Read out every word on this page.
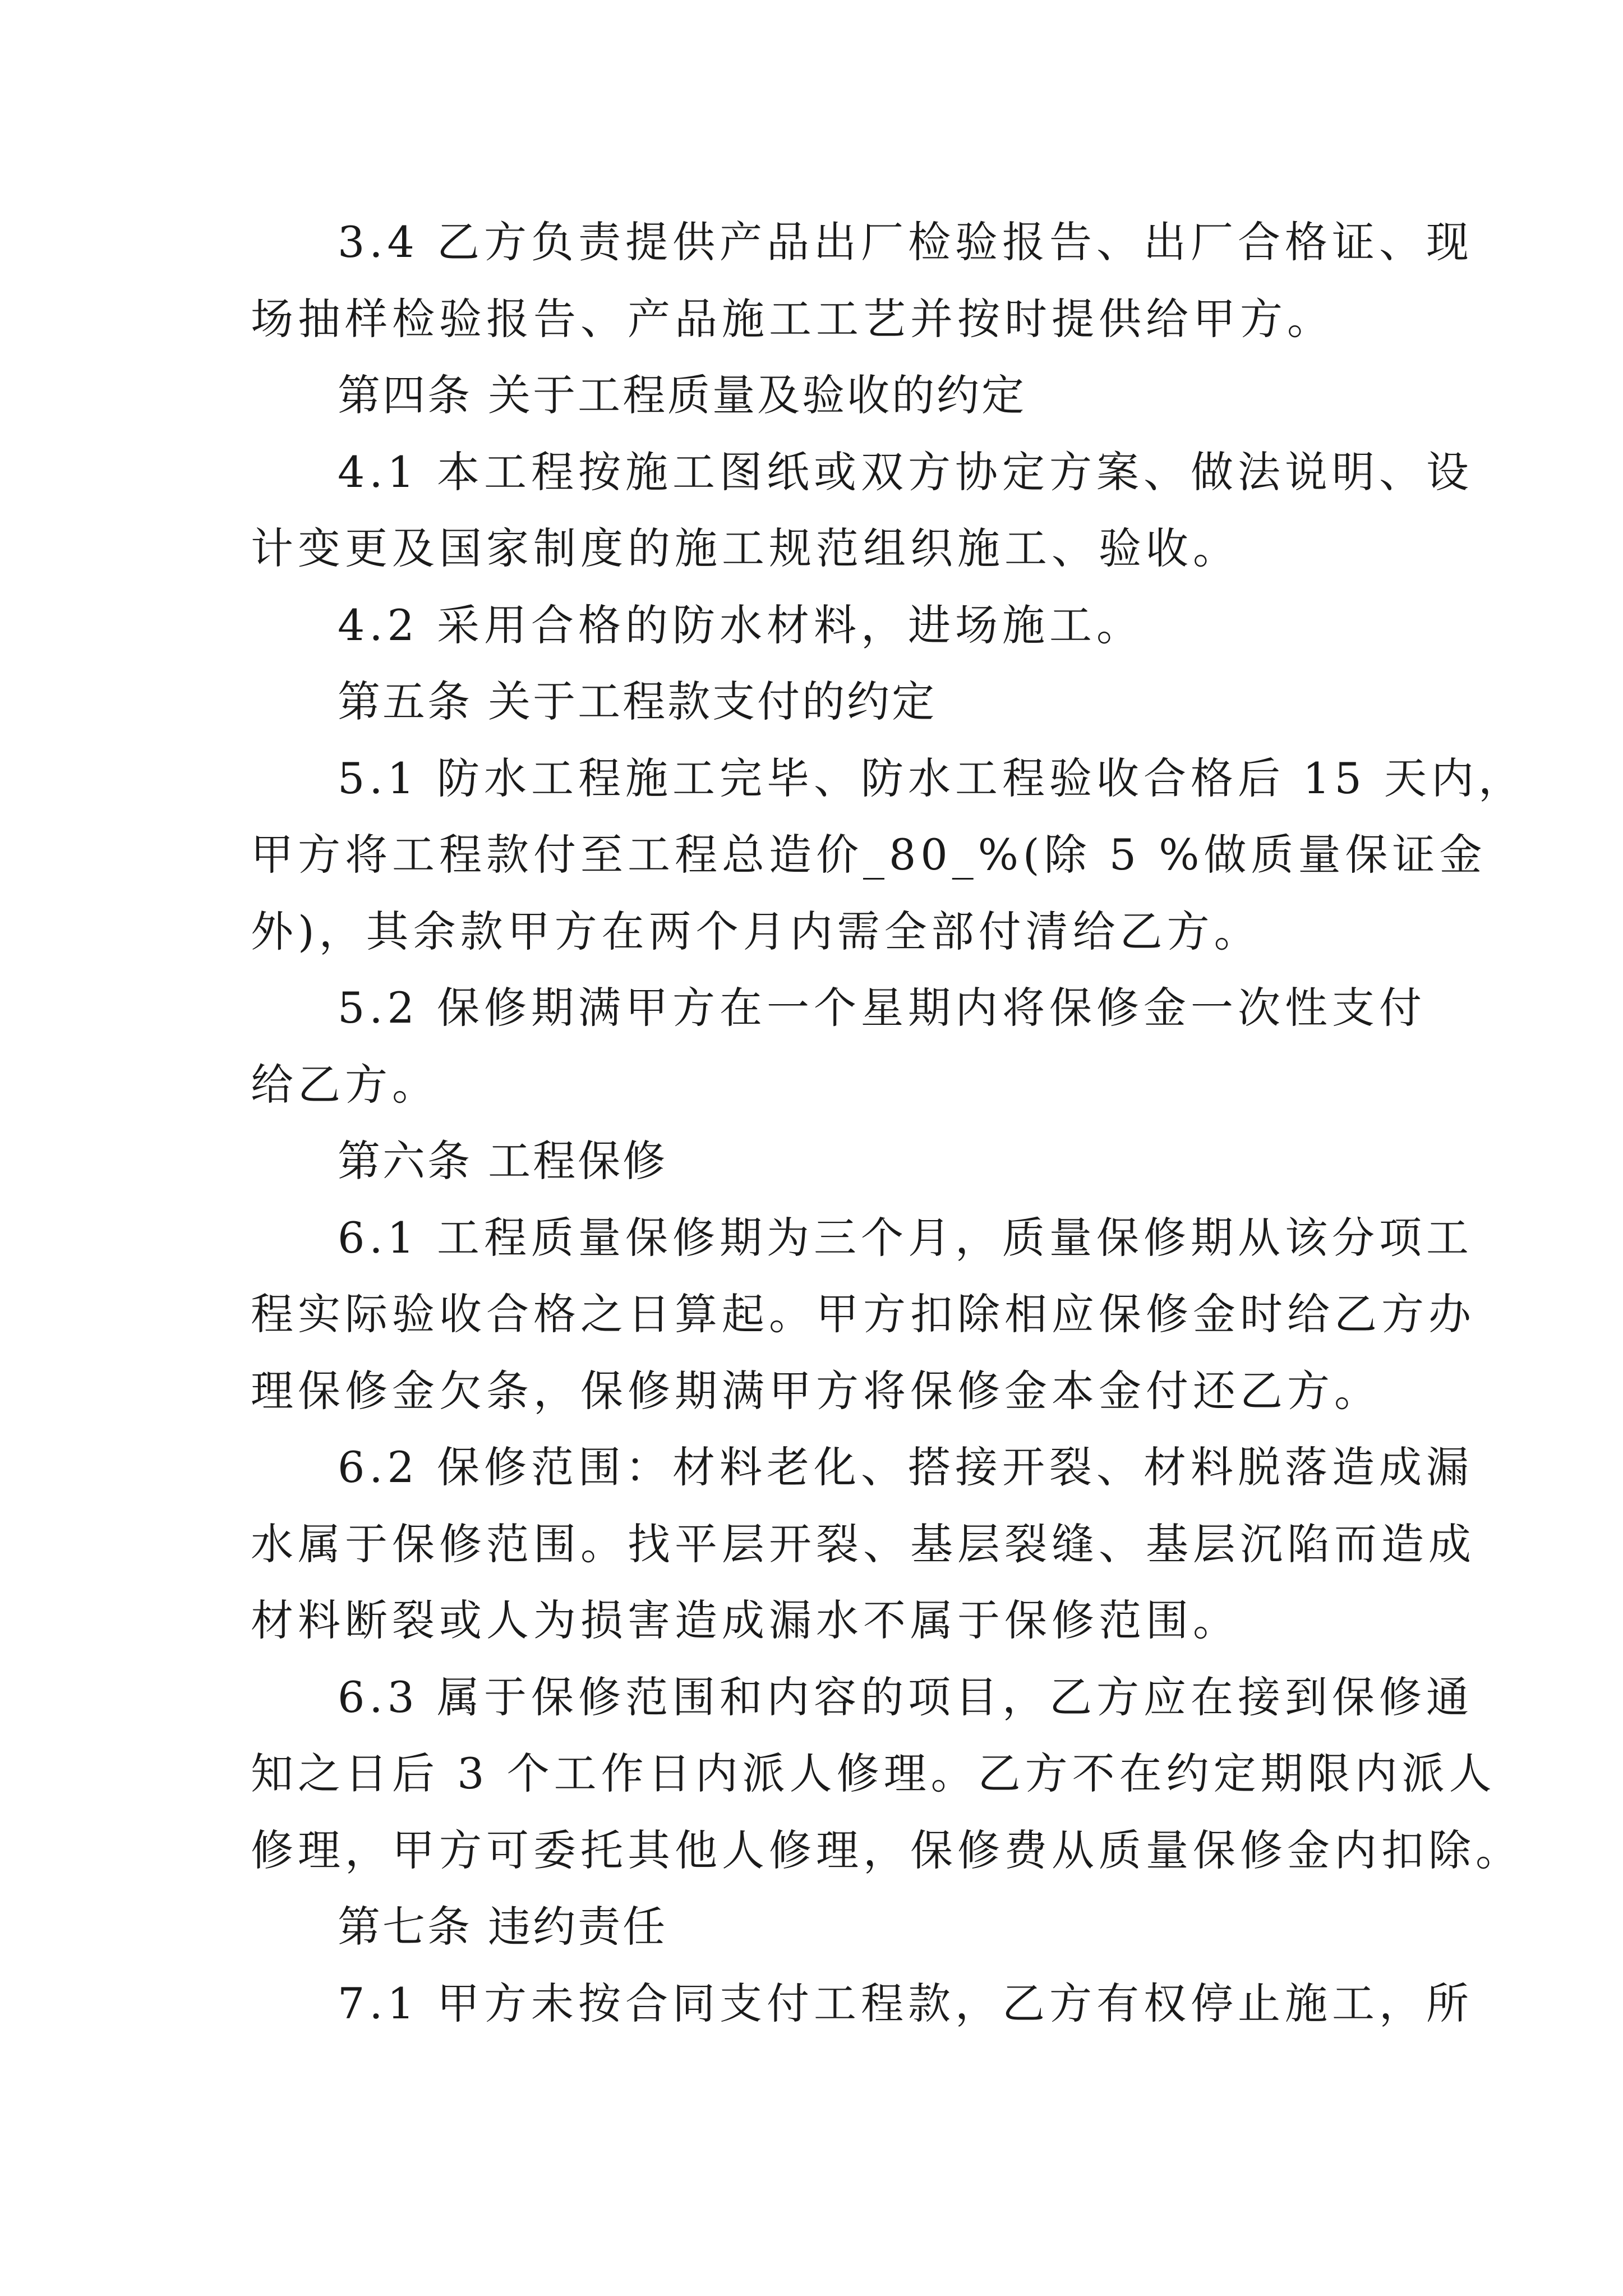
3.4 乙方负责提供产品出厂检验报告、出厂合格证、现

场抽样检验报告、产品施工工艺并按时提供给甲方。

第四条 关于工程质量及验收的约定

4.1 本工程按施工图纸或双方协定方案、做法说明、设

计变更及国家制度的施工规范组织施工、验收。

4.2 采用合格的防水材料，进场施工。

第五条 关于工程款支付的约定

5.1 防水工程施工完毕、防水工程验收合格后 15 天内，

甲方将工程款付至工程总造价_80_%(除 5 %做质量保证金

外)，其余款甲方在两个月内需全部付清给乙方。

5.2 保修期满甲方在一个星期内将保修金一次性支付

给乙方。

第六条 工程保修

6.1 工程质量保修期为三个月，质量保修期从该分项工

程实际验收合格之日算起。甲方扣除相应保修金时给乙方办

理保修金欠条，保修期满甲方将保修金本金付还乙方。

6.2 保修范围：材料老化、搭接开裂、材料脱落造成漏

水属于保修范围。找平层开裂、基层裂缝、基层沉陷而造成

材料断裂或人为损害造成漏水不属于保修范围。

6.3 属于保修范围和内容的项目，乙方应在接到保修通

知之日后 3 个工作日内派人修理。乙方不在约定期限内派人

修理，甲方可委托其他人修理，保修费从质量保修金内扣除。

第七条 违约责任

7.1 甲方未按合同支付工程款，乙方有权停止施工，所
